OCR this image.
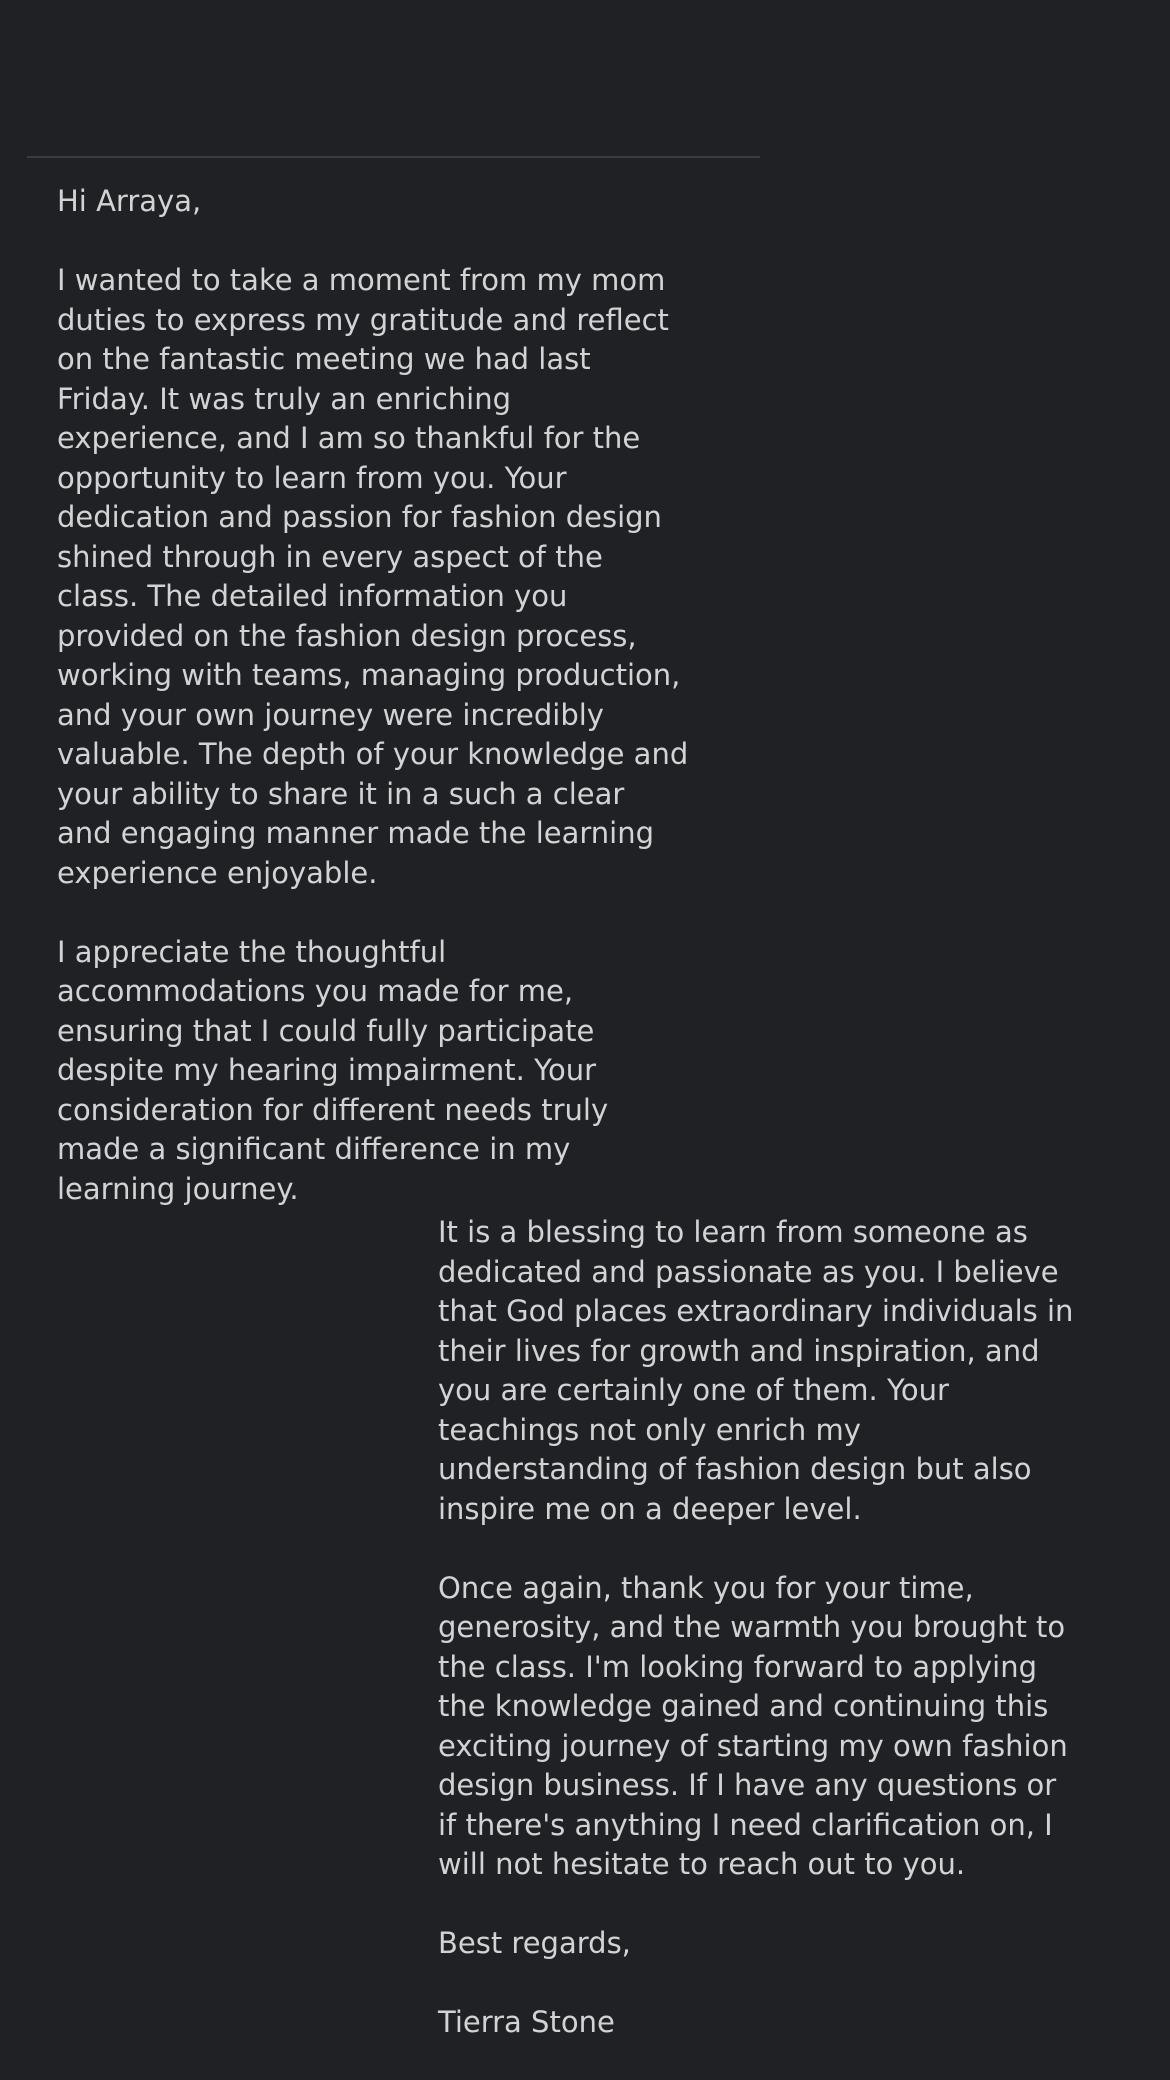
Hi Arraya,
I wanted to take a moment from my mom
duties to express my gratitude and reflect
on the fantastic meeting we had last
Friday. It was truly an enriching
experience, and I am so thankful for the
opportunity to learn from you. Your
dedication and passion for fashion design
shined through in every aspect of the
class. The detailed information you
provided on the fashion design process,
working with teams, managing production,
and your own journey were incredibly
valuable. The depth of your knowledge and
your ability to share it in a such a clear
and engaging manner made the learning
experience enjoyable.
I appreciate the thoughtful
accommodations you made for me,
ensuring that I could fully participate
despite my hearing impairment. Your
consideration for different needs truly
made a significant difference in my
learning journey.
It is a blessing to learn from someone as
dedicated and passionate as you. I believe
that God places extraordinary individuals in
their lives for growth and inspiration, and
you are certainly one of them. Your
teachings not only enrich my
understanding of fashion design but also
inspire me on a deeper level.
Once again, thank you for your time,
generosity, and the warmth you brought to
the class. I'm looking forward to applying
the knowledge gained and continuing this
exciting journey of starting my own fashion
design business. If I have any questions or
if there's anything I need clarification on, I
will not hesitate to reach out to you.
Best regards,
Tierra Stone
